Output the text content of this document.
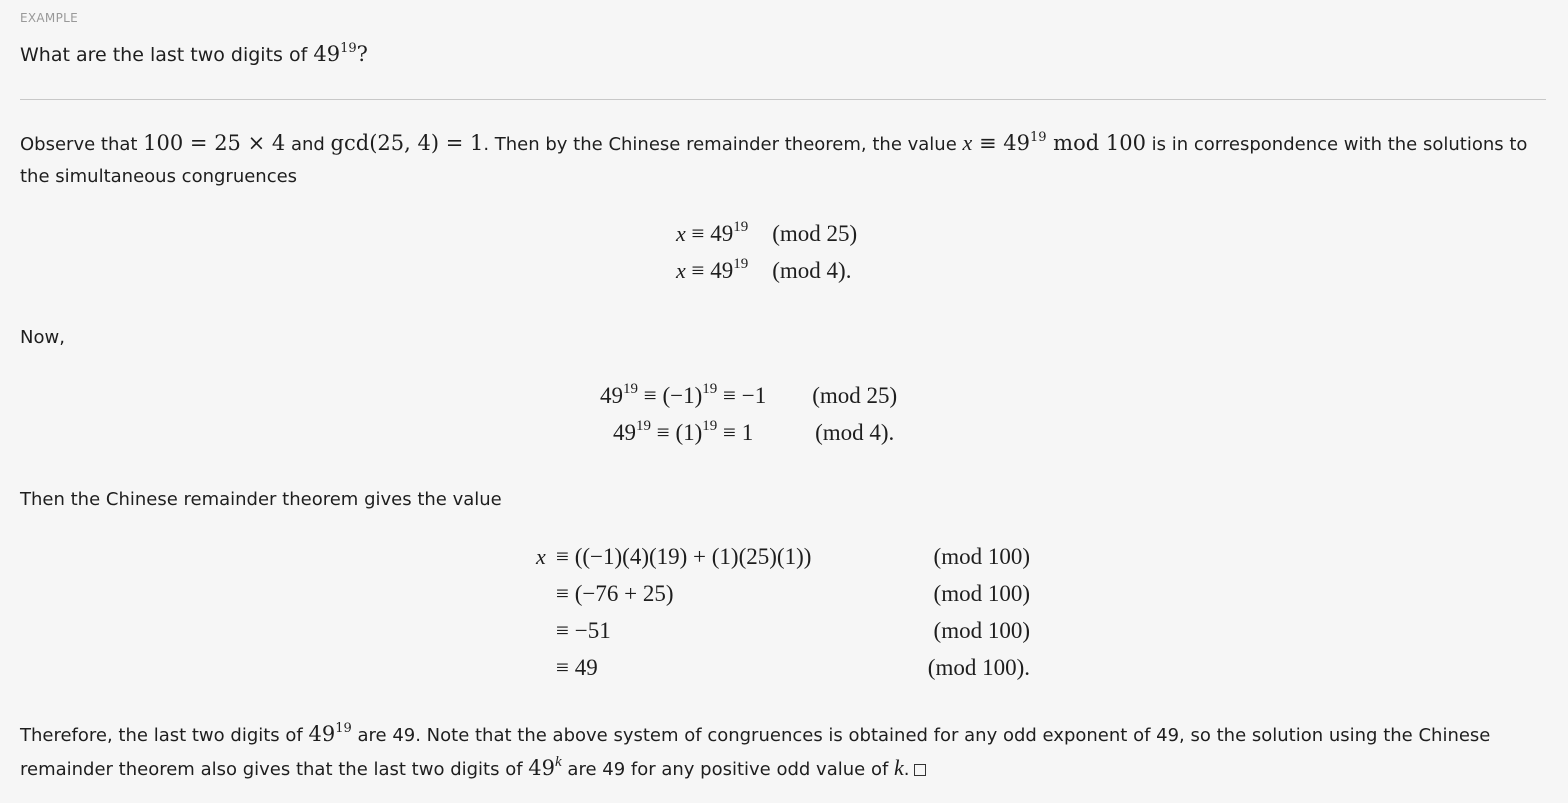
EXAMPLE
What are the last two digits of $49^{19}$?
Observe that 100 = 25 × 4 and gcd(25, 4) = 1. Then by the Chinese remainder theorem, the value $x \equiv 49^{19}$ mod 100 is in correspondence with the solutions to
the simultaneous congruences
$x \equiv 49^{19}$	(mod 25)
$x \equiv 49^{19}$	(mod 4).
Now,
$49^{19} \equiv (-1)^{19} \equiv -1$	(mod 25)
$49^{19} \equiv (1)^{19} \equiv 1$	(mod 4).
Then the Chinese remainder theorem gives the value
x	≡ ((−1)(4)(19) + (1)(25)(1))	(mod 100)
	≡ (−76 + 25)	(mod 100)
	≡ −51	(mod 100)
	≡ 49	(mod 100).
Therefore, the last two digits of $49^{19}$ are 49. Note that the above system of congruences is obtained for any odd exponent of 49, so the solution using the Chinese
remainder theorem also gives that the last two digits of 49$^k$ are 49 for any positive odd value of k.
